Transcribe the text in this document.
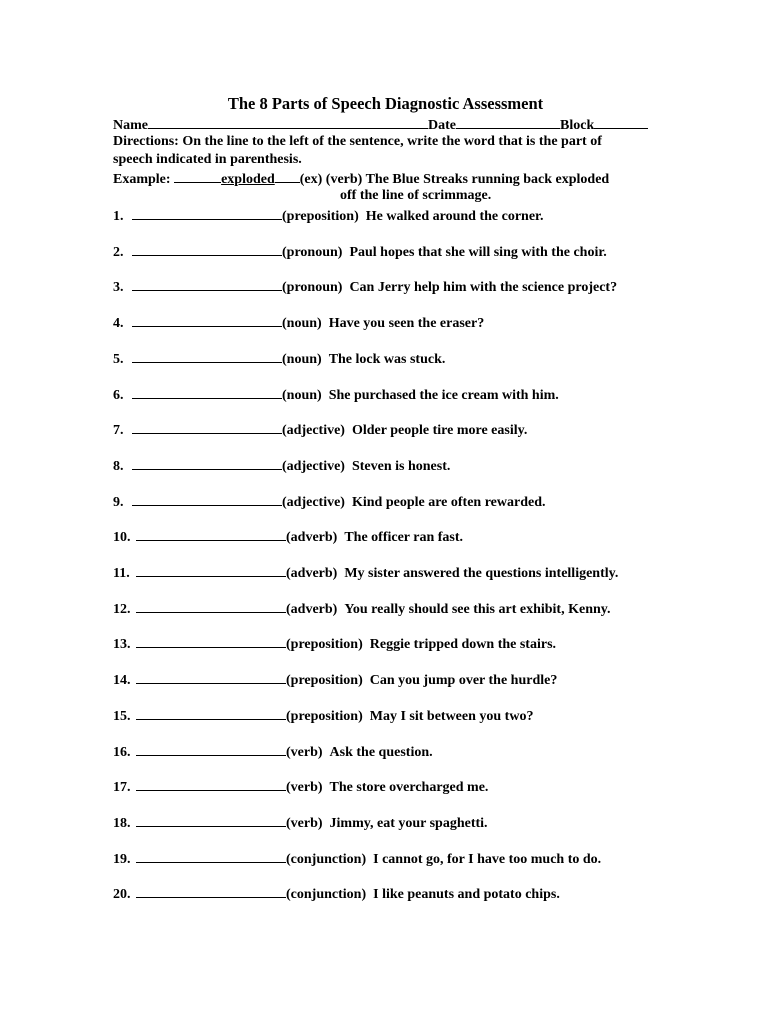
The 8 Parts of Speech Diagnostic Assessment
Name	Date	Block
Directions: On the line to the left of the sentence, write the word that is the part of
speech indicated in parenthesis.
Example:	exploded (ex) (verb) The Blue Streaks running back exploded
off the line of scrimmage.
1.	(preposition) He walked around the corner.
2.	(pronoun) Paul hopes that she will sing with the choir.
3.	(pronoun) Can Jerry help him with the science project?
4.	(noun) Have you seen the eraser?
5.	(noun) The lock was stuck.
6.	(noun) She purchased the ice cream with him.
7.	(adjective) Older people tire more easily.
8.	(adjective) Steven is honest.
9.	(adjective) Kind people are often rewarded.
10.	(adverb) The officer ran fast.
11.	(adverb) My sister answered the questions intelligently.
12.	(adverb) You really should see this art exhibit, Kenny.
13.	(preposition) Reggie tripped down the stairs.
14.	(preposition) Can you jump over the hurdle?
15.	(preposition) May I sit between you two?
16.	(verb) Ask the question.
17.	(verb) The store overcharged me.
18.	(verb) Jimmy, eat your spaghetti.
19.	(conjunction) I cannot go, for I have too much to do.
20.	(conjunction) I like peanuts and potato chips.
